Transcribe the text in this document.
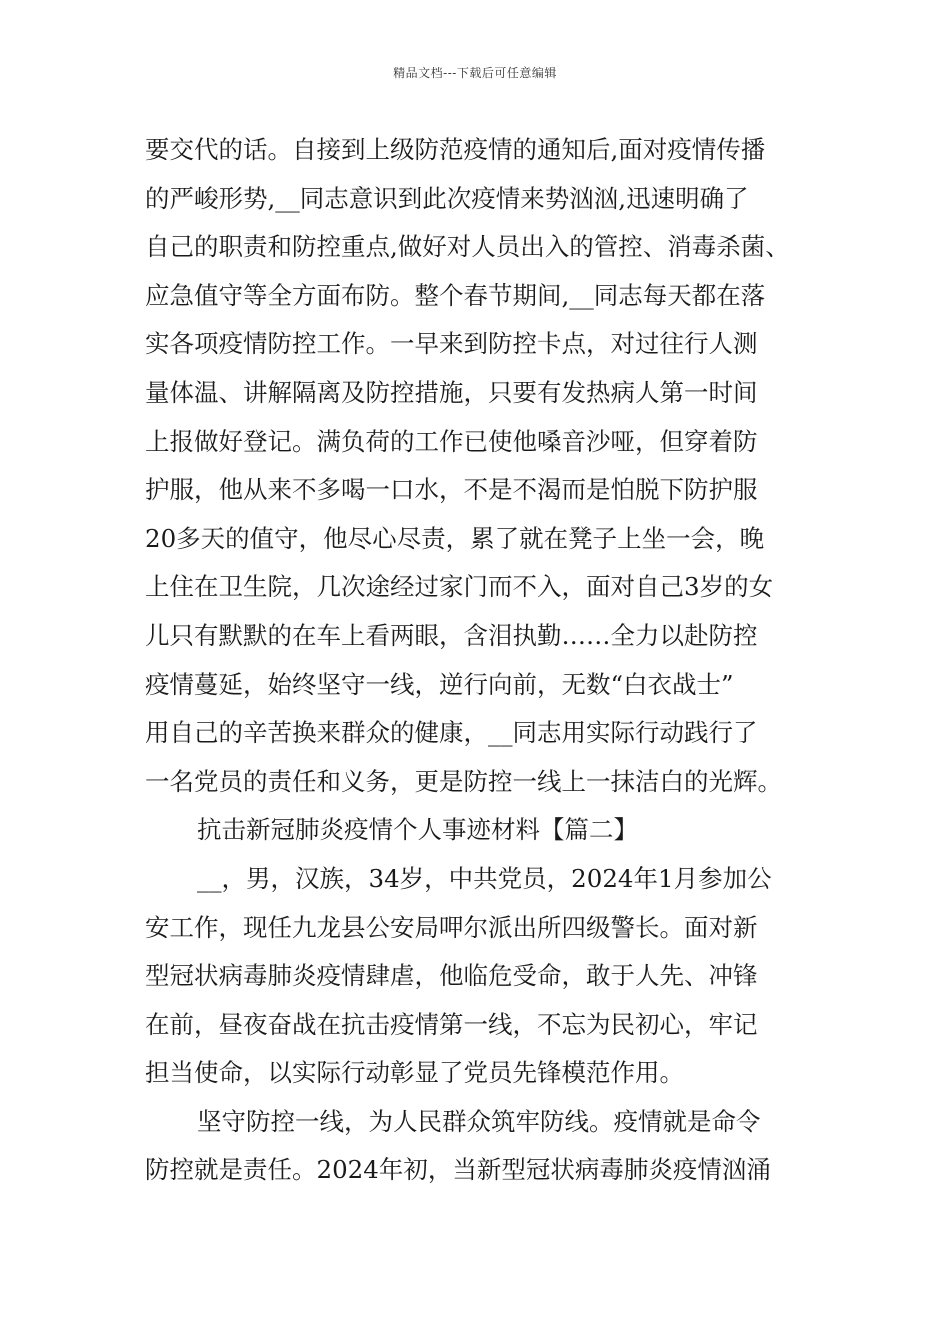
精品文档---下载后可任意编辑

要交代的话。自接到上级防范疫情的通知后,面对疫情传播
的严峻形势,__同志意识到此次疫情来势汹汹,迅速明确了
自己的职责和防控重点,做好对人员出入的管控、消毒杀菌、
应急值守等全方面布防。整个春节期间,__同志每天都在落
实各项疫情防控工作。一早来到防控卡点，对过往行人测
量体温、讲解隔离及防控措施，只要有发热病人第一时间
上报做好登记。满负荷的工作已使他嗓音沙哑，但穿着防
护服，他从来不多喝一口水，不是不渴而是怕脱下防护服
20多天的值守，他尽心尽责，累了就在凳子上坐一会，晚
上住在卫生院，几次途经过家门而不入，面对自己3岁的女
儿只有默默的在车上看两眼，含泪执勤……全力以赴防控
疫情蔓延，始终坚守一线，逆行向前，无数“白衣战士”
用自己的辛苦换来群众的健康，__同志用实际行动践行了
一名党员的责任和义务，更是防控一线上一抹洁白的光辉。

抗击新冠肺炎疫情个人事迹材料【篇二】

__，男，汉族，34岁，中共党员，2024年1月参加公
安工作，现任九龙县公安局呷尔派出所四级警长。面对新
型冠状病毒肺炎疫情肆虐，他临危受命，敢于人先、冲锋
在前，昼夜奋战在抗击疫情第一线，不忘为民初心，牢记
担当使命，以实际行动彰显了党员先锋模范作用。

坚守防控一线，为人民群众筑牢防线。疫情就是命令
防控就是责任。2024年初，当新型冠状病毒肺炎疫情汹涌
